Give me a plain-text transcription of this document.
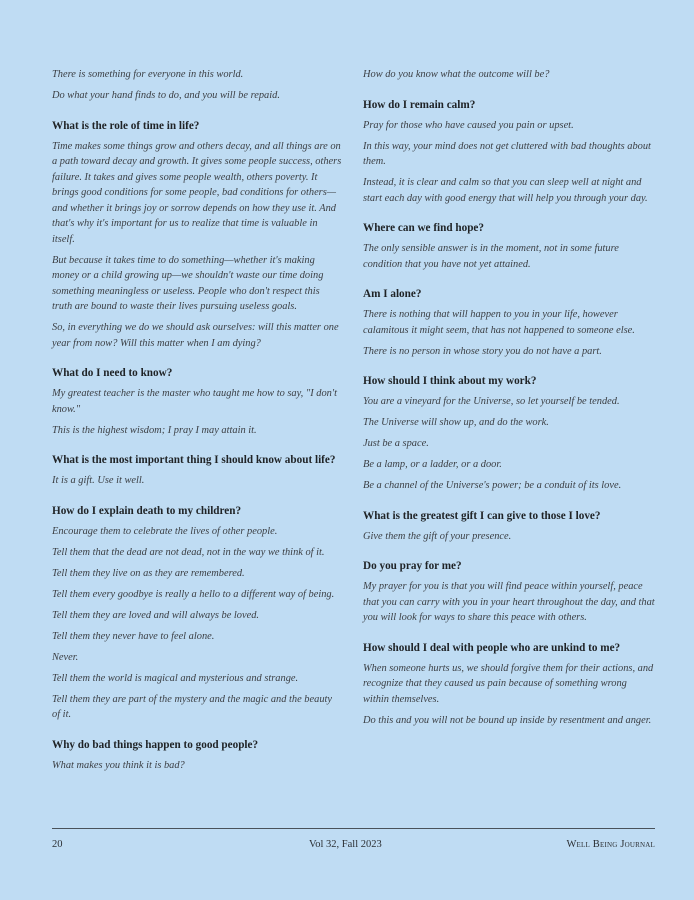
There is something for everyone in this world.

Do what your hand finds to do, and you will be repaid.

What is the role of time in life?

Time makes some things grow and others decay, and all things are on a path toward decay and growth. It gives some people success, others failure. It takes and gives some people wealth, others poverty. It brings good conditions for some people, bad conditions for others—and whether it brings joy or sorrow depends on how they use it. And that's why it's important for us to realize that time is valuable in itself.

But because it takes time to do something—whether it's making money or a child growing up—we shouldn't waste our time doing something meaningless or useless. People who don't respect this truth are bound to waste their lives pursuing useless goals.

So, in everything we do we should ask ourselves: will this matter one year from now? Will this matter when I am dying?

What do I need to know?

My greatest teacher is the master who taught me how to say, "I don't know."

This is the highest wisdom; I pray I may attain it.

What is the most important thing I should know about life?

It is a gift. Use it well.

How do I explain death to my children?

Encourage them to celebrate the lives of other people.

Tell them that the dead are not dead, not in the way we think of it.

Tell them they live on as they are remembered.

Tell them every goodbye is really a hello to a different way of being.

Tell them they are loved and will always be loved.

Tell them they never have to feel alone.

Never.

Tell them the world is magical and mysterious and strange.

Tell them they are part of the mystery and the magic and the beauty of it.

Why do bad things happen to good people?

What makes you think it is bad?

How do you know what the outcome will be?

How do I remain calm?

Pray for those who have caused you pain or upset.

In this way, your mind does not get cluttered with bad thoughts about them.

Instead, it is clear and calm so that you can sleep well at night and start each day with good energy that will help you through your day.

Where can we find hope?

The only sensible answer is in the moment, not in some future condition that you have not yet attained.

Am I alone?

There is nothing that will happen to you in your life, however calamitous it might seem, that has not happened to someone else.

There is no person in whose story you do not have a part.

How should I think about my work?

You are a vineyard for the Universe, so let yourself be tended.

The Universe will show up, and do the work.

Just be a space.

Be a lamp, or a ladder, or a door.

Be a channel of the Universe's power; be a conduit of its love.

What is the greatest gift I can give to those I love?

Give them the gift of your presence.

Do you pray for me?

My prayer for you is that you will find peace within yourself, peace that you can carry with you in your heart throughout the day, and that you will look for ways to share this peace with others.

How should I deal with people who are unkind to me?

When someone hurts us, we should forgive them for their actions, and recognize that they caused us pain because of something wrong within themselves.

Do this and you will not be bound up inside by resentment and anger.

20	Vol 32, Fall 2023	Well Being Journal
